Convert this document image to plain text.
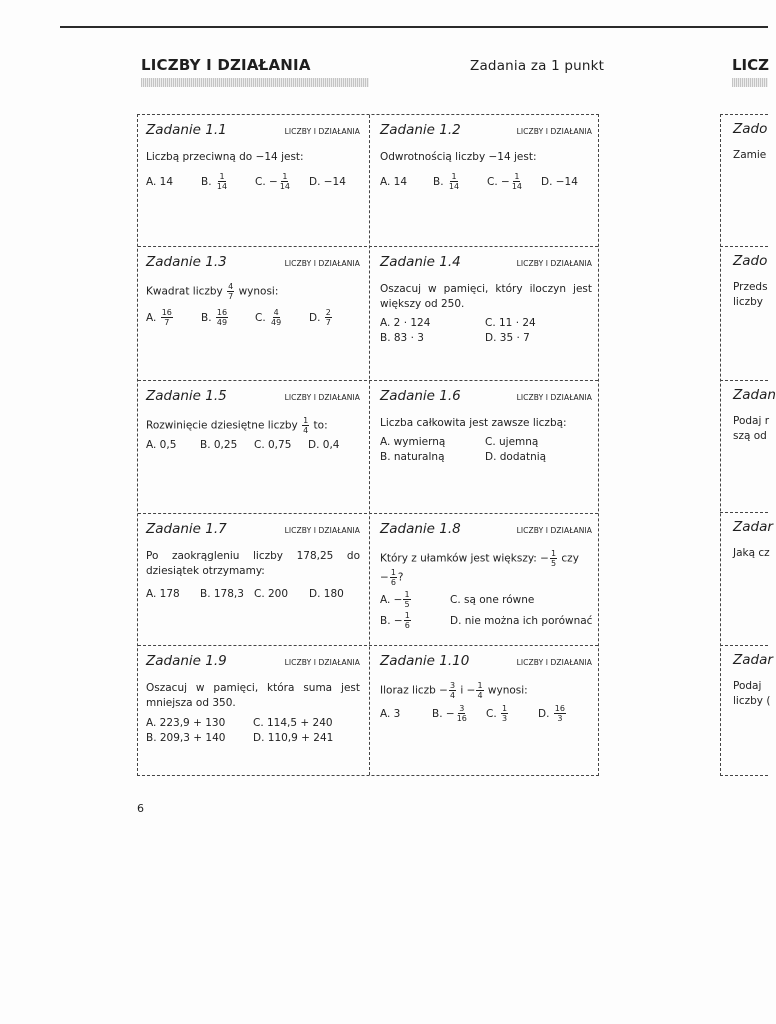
LICZBY I DZIAŁANIA	Zadania za 1 punkt	LICZ
Zadanie 1.1	LICZBY I DZIAŁANIA
Liczbą przeciwną do −14 jest:
A. 14	B.
$\frac{1}{14}$	C. − $\frac{1}{14} D$. −14
Zadanie 1.2	LICZBY I DZIAŁANIA
Odwrotnością liczby −14 jest:
A. 14	B.
$\frac{1}{14}$	C. − $\frac{1}{14} D$. −14
Zadanie 1.3	LICZBY I DZIAŁANIA
Kwadrat liczby $\frac{4}{7}$ wynosi:
A.
$\frac{16}{7}$	B.
$\frac{16}{49}$	C.
$\frac{4}{49}$	D.
$\frac{2}{7}$
Zadanie 1.4	LICZBY I DZIAŁANIA
Oszacuj w pamięci, który iloczyn jest większy od 250.
A. 2 · 124	C. 11 · 24
B. 83 · 3	D. 35 · 7
Zadanie 1.5	LICZBY I DZIAŁANIA
Rozwinięcie dziesiętne liczby $\frac{1}{4}$ to:
A. 0,5	B. 0,25	C. 0,75	D. 0,4
Zadanie 1.6	LICZBY I DZIAŁANIA
Liczba całkowita jest zawsze liczbą:
A. wymierną	C. ujemną
B. naturalną	D. dodatnią
Zadanie 1.7	LICZBY I DZIAŁANIA
Po zaokrągleniu liczby 178,25 do dziesiątek otrzymamy:
A. 178	B. 178,3 C. 200	D. 180
Zadanie 1.8	LICZBY I DZIAŁANIA
Który z ułamków jest większy: − $\frac{1}{5}$ czy
− $\frac{1}{6}$ ?
A. − $\frac{1}{5}$	C. są one równe
B. − $\frac{1}{6}$	D. nie można ich porównać
Zadanie 1.9	LICZBY I DZIAŁANIA
Oszacuj w pamięci, która suma jest mniejsza od 350.
A. 223,9 + 130	C. 114,5 + 240
B. 209,3 + 140	D. 110,9 + 241
Zadanie 1.10	LICZBY I DZIAŁANIA
Iloraz liczb − $\frac{3}{4}$ $i - \frac{1}{4}$ wynosi:
A. 3	B. − $\frac{3}{16} C$.
$\frac{1}{3}$	D.
$\frac{16}{3}$
Zado
Zamie
Zado
Przeds
liczby
Zadan
Podaj r
szą od
Zadar
Jaką cz
Zadar
Podaj
liczby (
6
